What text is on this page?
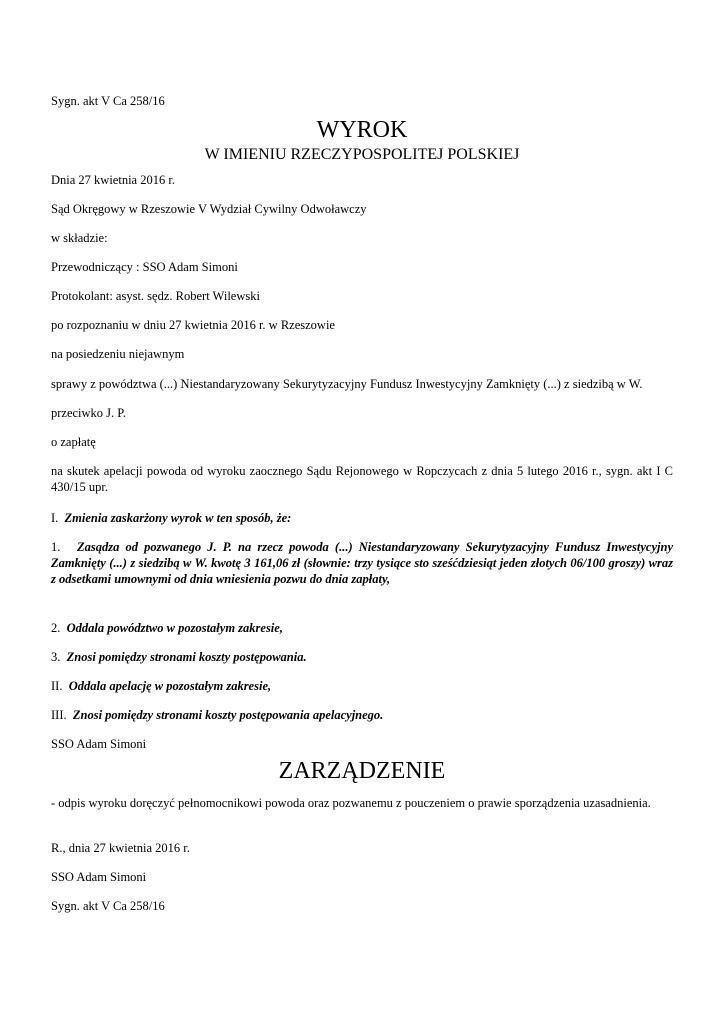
Sygn. akt V Ca 258/16
WYROK
W IMIENIU RZECZYPOSPOLITEJ POLSKIEJ
Dnia 27 kwietnia 2016 r.
Sąd Okręgowy w Rzeszowie V Wydział Cywilny Odwoławczy
w składzie:
Przewodniczący : SSO Adam Simoni
Protokolant: asyst. sędz. Robert Wilewski
po rozpoznaniu w dniu 27 kwietnia 2016 r. w Rzeszowie
na posiedzeniu niejawnym
sprawy z powództwa (...) Niestandaryzowany Sekurytyzacyjny Fundusz Inwestycyjny Zamknięty (...) z siedzibą w W.
przeciwko J. P.
o zapłatę
na skutek apelacji powoda od wyroku zaocznego Sądu Rejonowego w Ropczycach z dnia 5 lutego 2016 r., sygn. akt I C 430/15 upr.
I. Zmienia zaskarżony wyrok w ten sposób, że:
1. Zasądza od pozwanego J. P. na rzecz powoda (...) Niestandaryzowany Sekurytyzacyjny Fundusz Inwestycyjny Zamknięty (...) z siedzibą w W. kwotę 3 161,06 zł (słownie: trzy tysiące sto sześćdziesiąt jeden złotych 06/100 groszy) wraz z odsetkami umownymi od dnia wniesienia pozwu do dnia zapłaty,
2. Oddala powództwo w pozostałym zakresie,
3. Znosi pomiędzy stronami koszty postępowania.
II. Oddala apelację w pozostałym zakresie,
III. Znosi pomiędzy stronami koszty postępowania apelacyjnego.
SSO Adam Simoni
ZARZĄDZENIE
- odpis wyroku doręczyć pełnomocnikowi powoda oraz pozwanemu z pouczeniem o prawie sporządzenia uzasadnienia.
R., dnia 27 kwietnia 2016 r.
SSO Adam Simoni
Sygn. akt V Ca 258/16
